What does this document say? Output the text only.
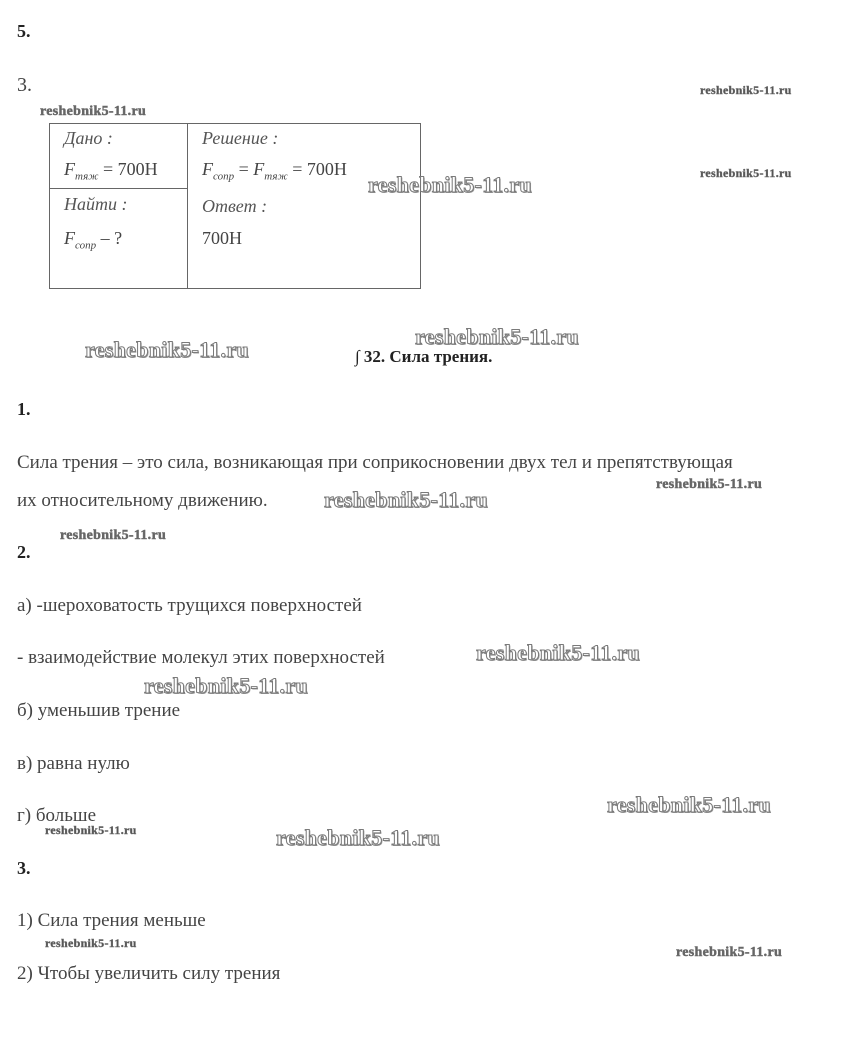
5.
3.
Дано :
$F_{тяж} = 700Н$
Найти :
$F_{сопр}$ – ?
Решение :
$F_{сопр} = F_{тяж} = 700Н$
Ответ :
700Н
∫ 32. Сила трения.
1.
Сила трения – это сила, возникающая при соприкосновении двух тел и препятствующая
их относительному движению.
2.
а) -шероховатость трущихся поверхностей
- взаимодействие молекул этих поверхностей
б) уменьшив трение
в) равна нулю
г) больше
3.
1) Сила трения меньше
2) Чтобы увеличить силу трения
reshebnik5-11.ru
reshebnik5-11.ru
reshebnik5-11.ru	reshebnik5-11.ru
reshebnik5-11.ru
reshebnik5-11.ru
reshebnik5-11.ru
reshebnik5-11.ru
reshebnik5-11.ru
reshebnik5-11.ru
reshebnik5-11.ru
reshebnik5-11.ru
reshebnik5-11.ru	reshebnik5-11.ru
reshebnik5-11.ru
reshebnik5-11.ru
